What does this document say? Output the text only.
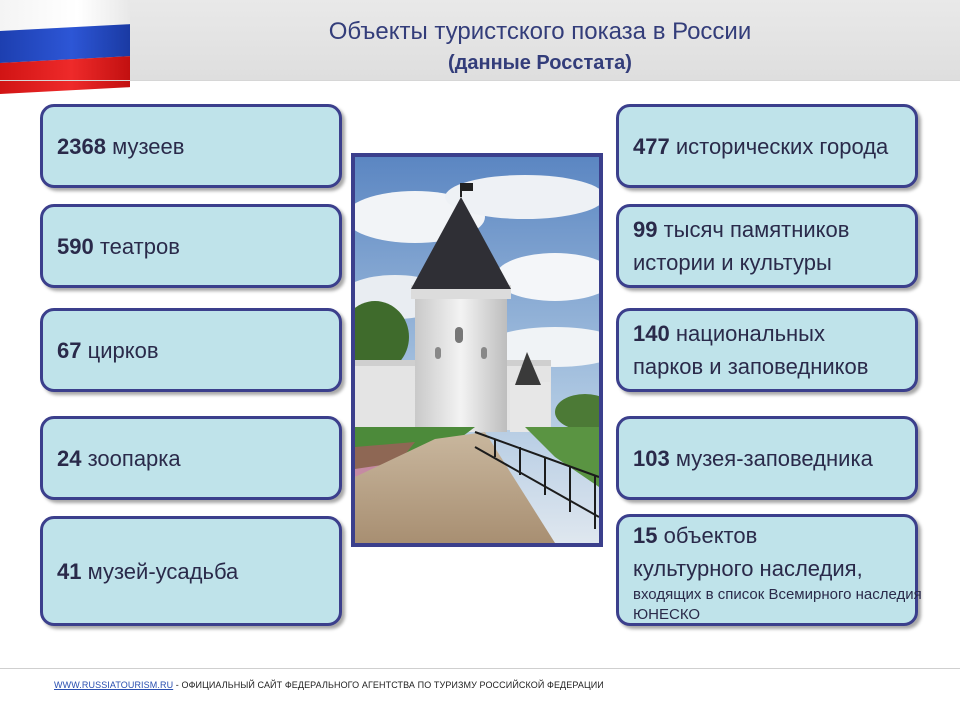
Объекты туристского показа в России
(данные Росстата)
2368 музеев
590 театров
67 цирков
24 зоопарка
41 музей-усадьба
477 исторических города
99 тысяч памятников
истории и культуры
140 национальных
парков и заповедников
103 музея-заповедника
15 объектов
культурного наследия,
входящих в список Всемирного наследия
ЮНЕСКО
WWW.RUSSIATOURISM.RU - ОФИЦИАЛЬНЫЙ САЙТ ФЕДЕРАЛЬНОГО АГЕНТСТВА ПО ТУРИЗМУ РОССИЙСКОЙ ФЕДЕРАЦИИ
